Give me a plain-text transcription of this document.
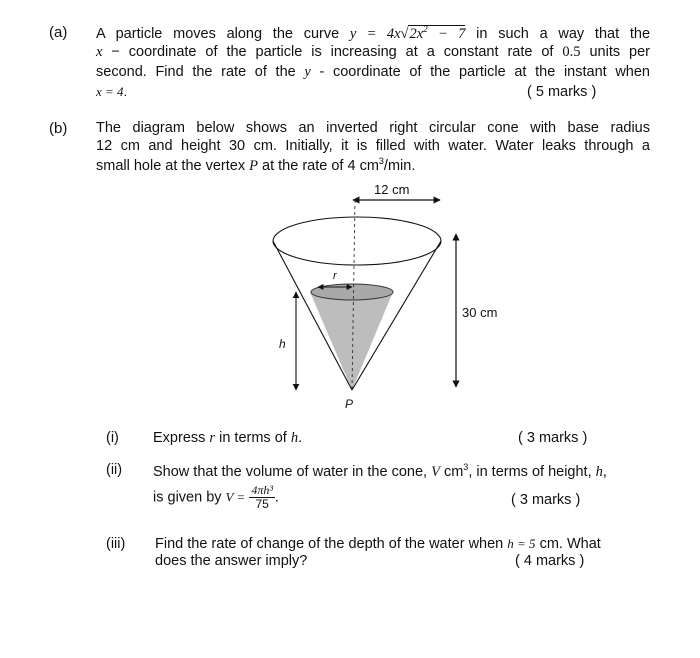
(a) A particle moves along the curve $y = 4x√2x^2 - 7$ in such a way that the
x − coordinate of the particle is increasing at a constant rate of 0.5 units per
second. Find the rate of the y - coordinate of the particle at the instant when
x = 4.	( 5 marks )
(b) The diagram below shows an inverted right circular cone with base radius
12 cm and height 30 cm. Initially, it is filled with water. Water leaks through a
small hole at the vertex P at the rate of 4 $cm^3/\min$.
12 cm
r
h
30 cm
P
(i) Express r in terms of h.	( 3 marks )
(ii) Show that the volume of water in the cone, V $cm^3$, in terms of height, h,
is given by $V = \frac{\text{4πh³}}{75}$ .	( 3 marks )
(iii) Find the rate of change of the depth of the water when h = 5 cm. What
does the answer imply?	( 4 marks )
